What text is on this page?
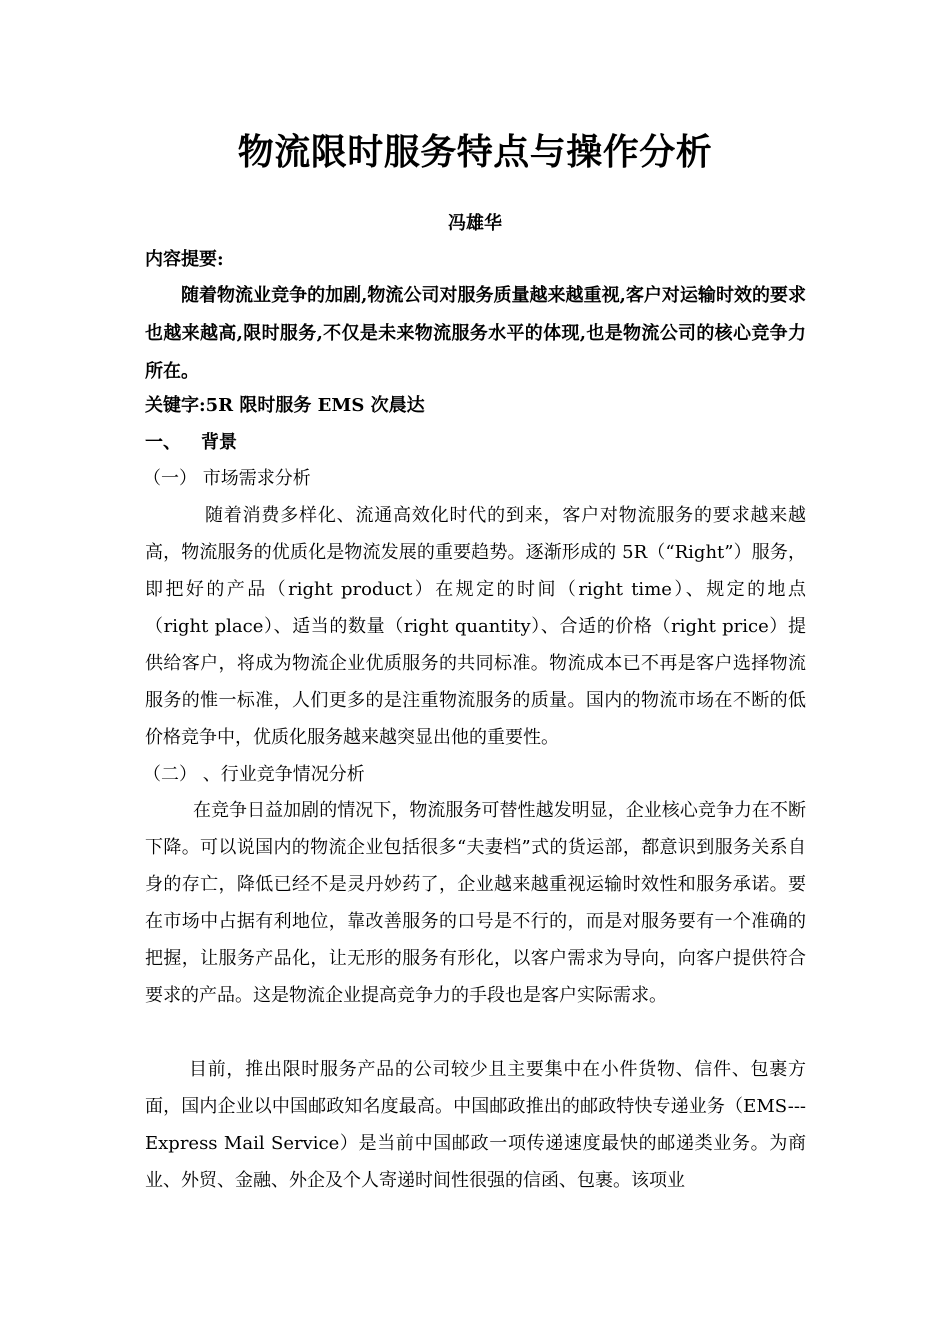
物流限时服务特点与操作分析
冯雄华
内容提要:

随着物流业竞争的加剧,物流公司对服务质量越来越重视,客户对运输时效的要求也越来越高,限时服务,不仅是未来物流服务水平的体现,也是物流公司的核心竞争力所在。

关键字:5R 限时服务 EMS 次晨达
一、 背景
（一） 市场需求分析

随着消费多样化、流通高效化时代的到来，客户对物流服务的要求越来越高，物流服务的优质化是物流发展的重要趋势。逐渐形成的 5R（“Right”）服务，即把好的产品（right product）在规定的时间（right time）、规定的地点（right place）、适当的数量（right quantity）、合适的价格（right price）提供给客户，将成为物流企业优质服务的共同标准。物流成本已不再是客户选择物流服务的惟一标准，人们更多的是注重物流服务的质量。国内的物流市场在不断的低价格竞争中，优质化服务越来越突显出他的重要性。

（二） 、行业竞争情况分析

在竞争日益加剧的情况下，物流服务可替性越发明显，企业核心竞争力在不断下降。可以说国内的物流企业包括很多“夫妻档”式的货运部，都意识到服务关系自身的存亡，降低已经不是灵丹妙药了，企业越来越重视运输时效性和服务承诺。要在市场中占据有利地位，靠改善服务的口号是不行的，而是对服务要有一个准确的把握，让服务产品化，让无形的服务有形化，以客户需求为导向，向客户提供符合要求的产品。这是物流企业提高竞争力的手段也是客户实际需求。

目前，推出限时服务产品的公司较少且主要集中在小件货物、信件、包裹方面，国内企业以中国邮政知名度最高。中国邮政推出的邮政特快专递业务（EMS---Express Mail Service）是当前中国邮政一项传递速度最快的邮递类业务。为商业、外贸、金融、外企及个人寄递时间性很强的信函、包裹。该项业
